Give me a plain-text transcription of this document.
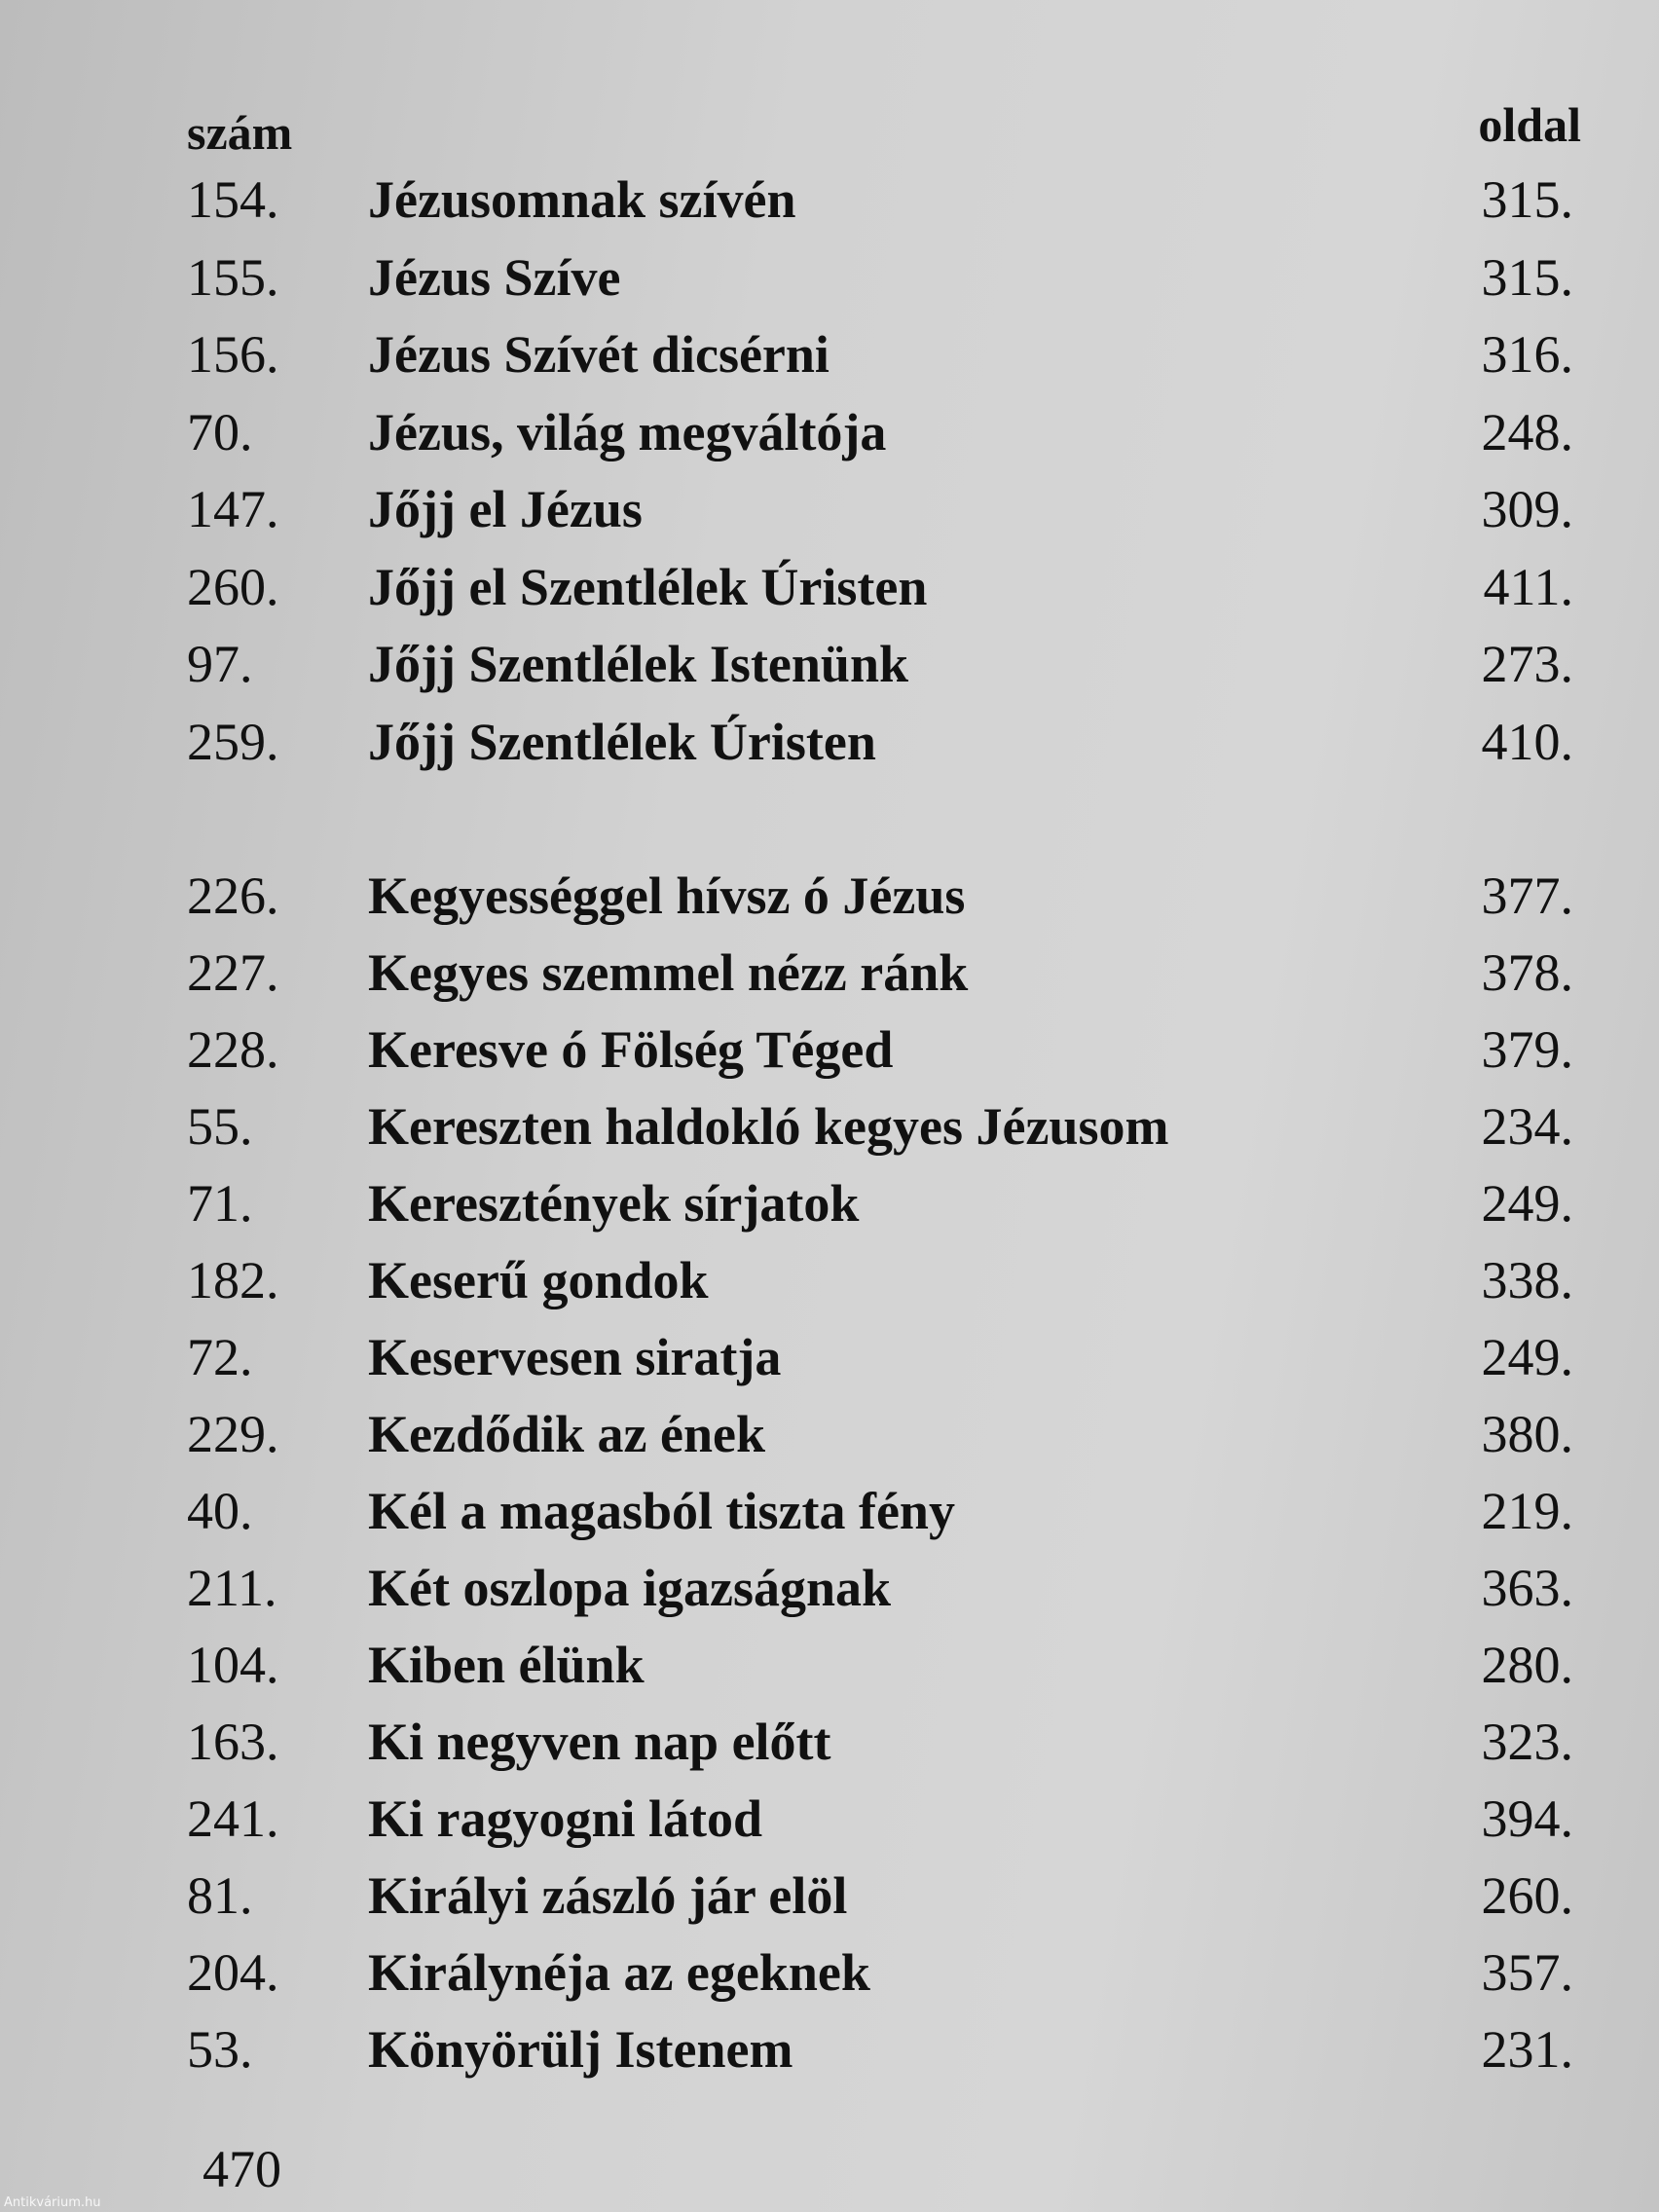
szám	oldal
154. Jézusomnak szívén	315.
155. Jézus Szíve	315.
156. Jézus Szívét dicsérni	316.
70. Jézus, világ megváltója	248.
147. Jőjj el Jézus	309.
260. Jőjj el Szentlélek Úristen	411.
97. Jőjj Szentlélek Istenünk	273.
259. Jőjj Szentlélek Úristen	410.
226. Kegyességgel hívsz ó Jézus	377.
227. Kegyes szemmel nézz ránk	378.
228. Keresve ó Fölség Téged	379.
55. Kereszten haldokló kegyes Jézusom	234.
71. Keresztények sírjatok	249.
182. Keserű gondok	338.
72. Keservesen siratja	249.
229. Kezdődik az ének	380.
40. Kél a magasból tiszta fény	219.
211. Két oszlopa igazságnak	363.
104. Kiben élünk	280.
163. Ki negyven nap előtt	323.
241. Ki ragyogni látod	394.
81. Királyi zászló jár elöl	260.
204. Királynéja az egeknek	357.
53. Könyörülj Istenem	231.
470
Antikvárium.hu
